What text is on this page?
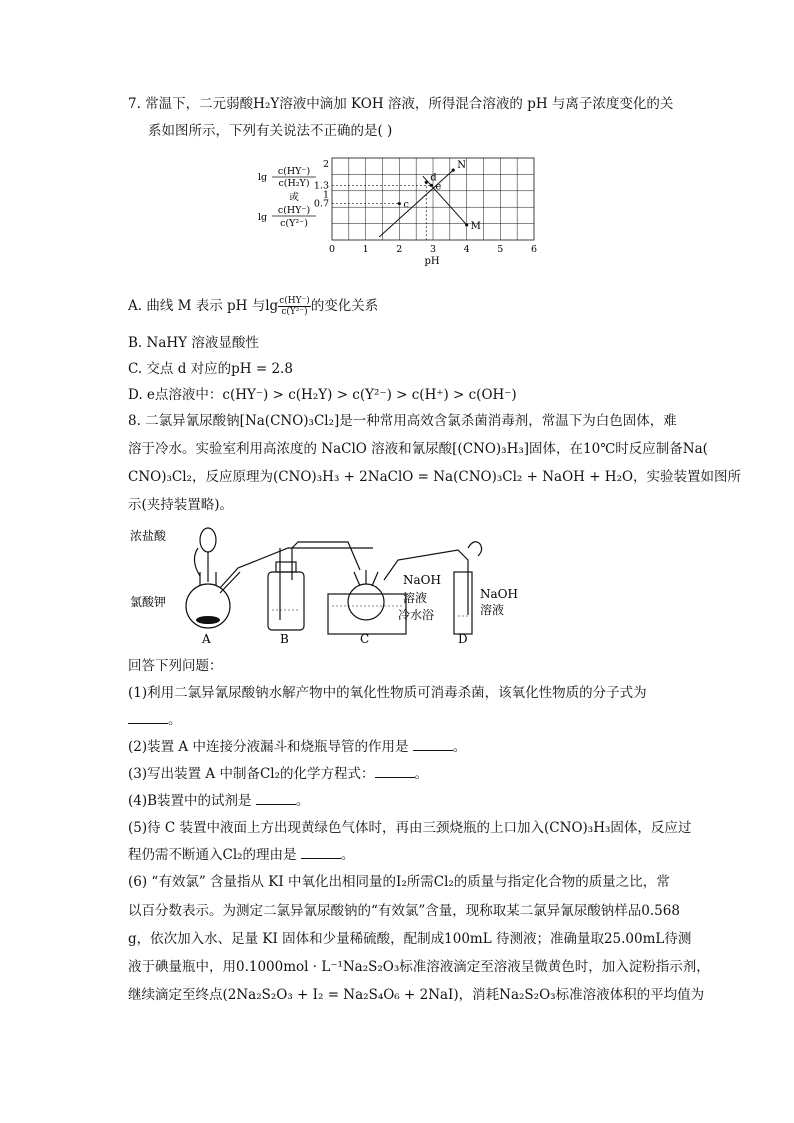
7. 常温下，二元弱酸H₂Y溶液中滴加 KOH 溶液，所得混合溶液的 pH 与离子浓度变化的关
系如图所示，下列有关说法不正确的是( )
N
d
e
c
M
0	1	2	3	4	5	6
2
1.3
1
0.7
lg
c(HY⁻)
c(H₂Y)
或
lg
c(HY⁻)
c(Y²⁻)
pH
A. 曲线 M 表示 pH 与$\lg \frac{c(HY^-)}{\text{c(Y²⁻)}}$ 的变化关系
B. NaHY 溶液显酸性
C. 交点 d 对应的pH = 2.8
D. e点溶液中：c(HY⁻) > c(H₂Y) > c(Y²⁻) > c(H⁺) > c(OH⁻)
8. 二氯异氰尿酸钠[Na(CNO)₃Cl₂]是一种常用高效含氯杀菌消毒剂，常温下为白色固体，难
溶于冷水。实验室利用高浓度的 NaClO 溶液和氰尿酸[(CNO)₃H₃]固体，在10℃时反应制备Na(
CNO)₃Cl₂，反应原理为(CNO)₃H₃ + 2NaClO = Na(CNO)₃Cl₂ + NaOH + H₂O，实验装置如图所
示(夹持装置略)。
浓盐酸
氯酸钾
NaOH
溶液
冷水浴
NaOH
溶液
A	B	C	D
回答下列问题：
(1)利用二氯异氰尿酸钠水解产物中的氧化性物质可消毒杀菌，该氧化性物质的分子式为
。
(2)装置 A 中连接分液漏斗和烧瓶导管的作用是	。
(3)写出装置 A 中制备Cl₂的化学方程式：	。
(4)B装置中的试剂是	。
(5)待 C 装置中液面上方出现黄绿色气体时，再由三颈烧瓶的上口加入(CNO)₃H₃固体，反应过
程仍需不断通入Cl₂的理由是	。
(6) “有效氯” 含量指从 KI 中氧化出相同量的I₂所需Cl₂的质量与指定化合物的质量之比，常
以百分数表示。为测定二氯异氰尿酸钠的“有效氯”含量，现称取某二氯异氰尿酸钠样品0.568
g，依次加入水、足量 KI 固体和少量稀硫酸，配制成100mL 待测液；准确量取25.00mL待测
液于碘量瓶中，用0.1000mol · L⁻¹Na₂S₂O₃标准溶液滴定至溶液呈微黄色时，加入淀粉指示剂，
继续滴定至终点(2Na₂S₂O₃ + I₂ = Na₂S₄O₆ + 2NaI)，消耗Na₂S₂O₃标准溶液体积的平均值为
